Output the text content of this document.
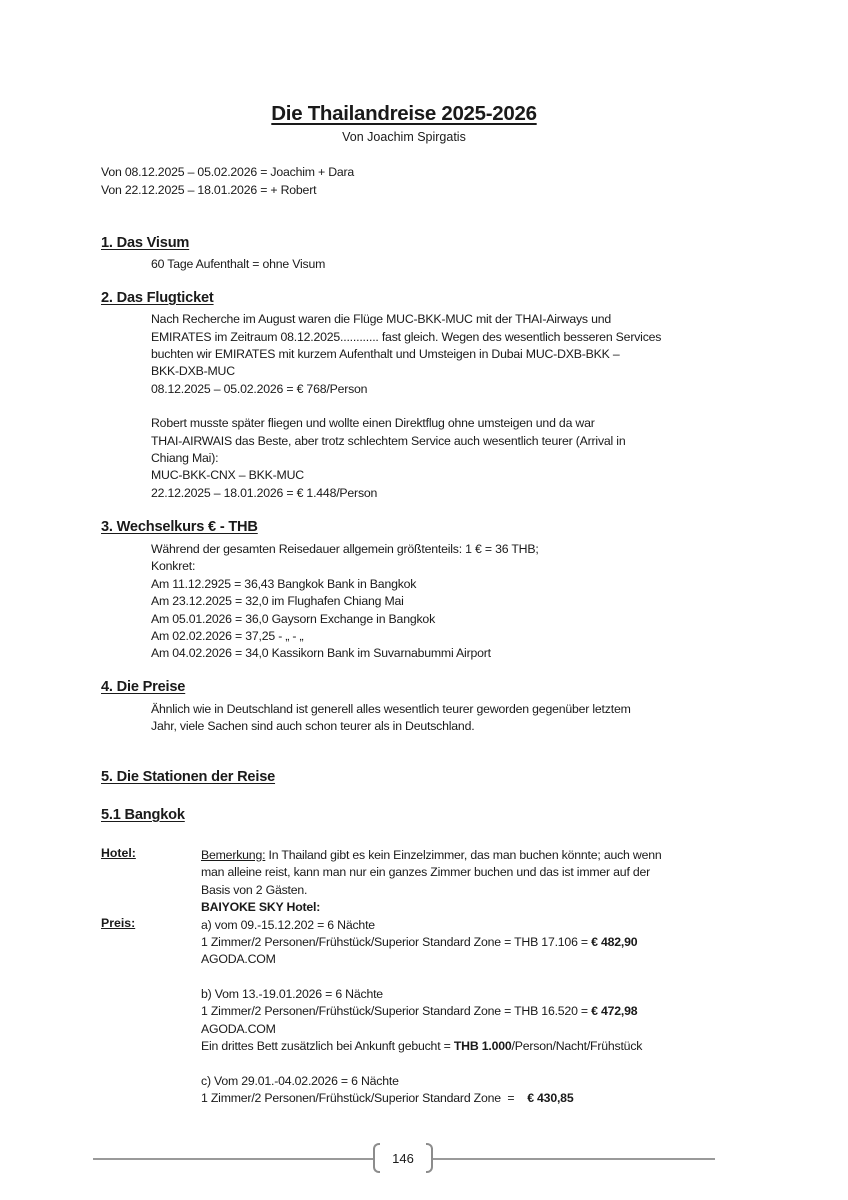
Die Thailandreise 2025-2026
Von Joachim Spirgatis
Von 08.12.2025 – 05.02.2026 = Joachim + Dara
Von 22.12.2025 – 18.01.2026 = + Robert
1. Das Visum
60 Tage Aufenthalt = ohne Visum
2. Das Flugticket
Nach Recherche im August waren die Flüge MUC-BKK-MUC mit der THAI-Airways und
EMIRATES im Zeitraum 08.12.2025............ fast gleich. Wegen des wesentlich besseren Services
buchten wir EMIRATES mit kurzem Aufenthalt und Umsteigen in Dubai MUC-DXB-BKK –
BKK-DXB-MUC
08.12.2025 – 05.02.2026 = € 768/Person
Robert musste später fliegen und wollte einen Direktflug ohne umsteigen und da war
THAI-AIRWAIS das Beste, aber trotz schlechtem Service auch wesentlich teurer (Arrival in
Chiang Mai):
MUC-BKK-CNX – BKK-MUC
22.12.2025 – 18.01.2026 = € 1.448/Person
3. Wechselkurs € - THB
Während der gesamten Reisedauer allgemein größtenteils: 1 € = 36 THB;
Konkret:
Am 11.12.2925 = 36,43 Bangkok Bank in Bangkok
Am 23.12.2025 = 32,0 im Flughafen Chiang Mai
Am 05.01.2026 = 36,0 Gaysorn Exchange in Bangkok
Am 02.02.2026 = 37,25 - „ - „
Am 04.02.2026 = 34,0 Kassikorn Bank im Suvarnabummi Airport
4. Die Preise
Ähnlich wie in Deutschland ist generell alles wesentlich teurer geworden gegenüber letztem
Jahr, viele Sachen sind auch schon teurer als in Deutschland.
5. Die Stationen der Reise
5.1 Bangkok
Hotel:	Bemerkung: In Thailand gibt es kein Einzelzimmer, das man buchen könnte; auch wenn
man alleine reist, kann man nur ein ganzes Zimmer buchen und das ist immer auf der
Basis von 2 Gästen.
BAIYOKE SKY Hotel:
Preis:	a) vom 09.-15.12.202 = 6 Nächte
1 Zimmer/2 Personen/Frühstück/Superior Standard Zone = THB 17.106 = € 482,90
AGODA.COM
b) Vom 13.-19.01.2026 = 6 Nächte
1 Zimmer/2 Personen/Frühstück/Superior Standard Zone = THB 16.520 = € 472,98
AGODA.COM
Ein drittes Bett zusätzlich bei Ankunft gebucht = THB 1.000/Person/Nacht/Frühstück
c) Vom 29.01.-04.02.2026 = 6 Nächte
1 Zimmer/2 Personen/Frühstück/Superior Standard Zone  =    € 430,85
146
